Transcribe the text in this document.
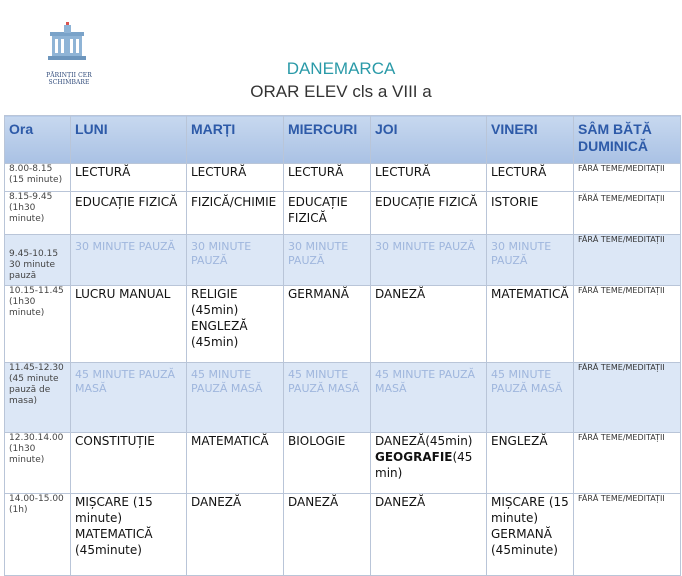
PĂRINȚII CER SCHIMBARE
DANEMARCA
ORAR ELEV cls a VIII a
Ora	LUNI	MARȚI	MIERCURI	JOI	VINERI	SÂM BĂTĂ DUMINICĂ
8.00-8.15 (15 minute)	LECTURĂ	LECTURĂ	LECTURĂ	LECTURĂ	LECTURĂ	FĂRĂ TEME/MEDITAȚII
8.15-9.45 (1h30 minute)	EDUCAȚIE FIZICĂ	FIZICĂ/CHIMIE	EDUCAȚIE FIZICĂ	EDUCAȚIE FIZICĂ	ISTORIE	FĂRĂ TEME/MEDITAȚII
9.45-10.15 30 minute pauză	30 MINUTE PAUZĂ	30 MINUTE PAUZĂ	30 MINUTE PAUZĂ	30 MINUTE PAUZĂ	30 MINUTE PAUZĂ	FĂRĂ TEME/MEDITAȚII
10.15-11.45 (1h30 minute)	LUCRU MANUAL	RELIGIE (45min) ENGLEZĂ (45min)	GERMANĂ	DANEZĂ	MATEMATICĂ	FĂRĂ TEME/MEDITAȚII
11.45-12.30 (45 minute pauză de masa)	45 MINUTE PAUZĂ MASĂ	45 MINUTE PAUZĂ MASĂ	45 MINUTE PAUZĂ MASĂ	45 MINUTE PAUZĂ MASĂ	45 MINUTE PAUZĂ MASĂ	FĂRĂ TEME/MEDITAȚII
12.30.14.00 (1h30 minute)	CONSTITUȚIE	MATEMATICĂ	BIOLOGIE	DANEZĂ(45min)
GEOGRAFIE(45 min)	ENGLEZĂ	FĂRĂ TEME/MEDITAȚII
14.00-15.00 (1h)	MIȘCARE (15 minute) MATEMATICĂ (45minute)	DANEZĂ	DANEZĂ	DANEZĂ	MIȘCARE (15 minute) GERMANĂ (45minute)	FĂRĂ TEME/MEDITAȚII
